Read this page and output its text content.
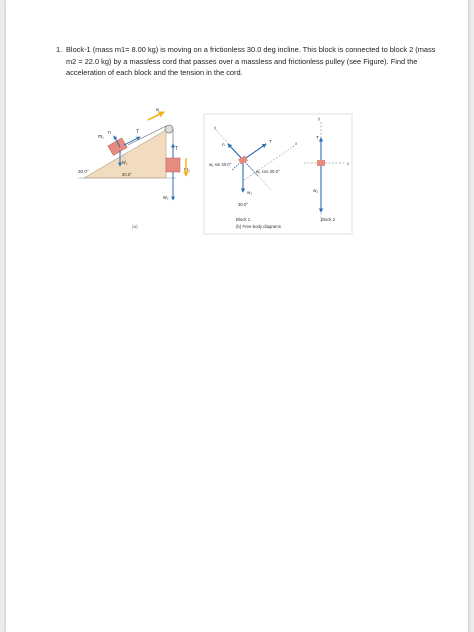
1. Block-1 (mass m1= 8.00 kg) is moving on a frictionless 30.0 deg incline. This block is connected to block 2 (mass m2 = 22.0 kg) by a massless cord that passes over a massless and frictionless pulley (see Figure). Find the acceleration of each block and the tension in the cord.
m₁
m₂
a
n	T
w₁
30.0°
T
w₂
30.0°
(a)
x
y
n
T
w₁
w₁ sin 30.0°
w₁ cos 30.0°
30.0°
y
x
T
w₂
Block 1	Block 2
(b) Free-body diagrams
